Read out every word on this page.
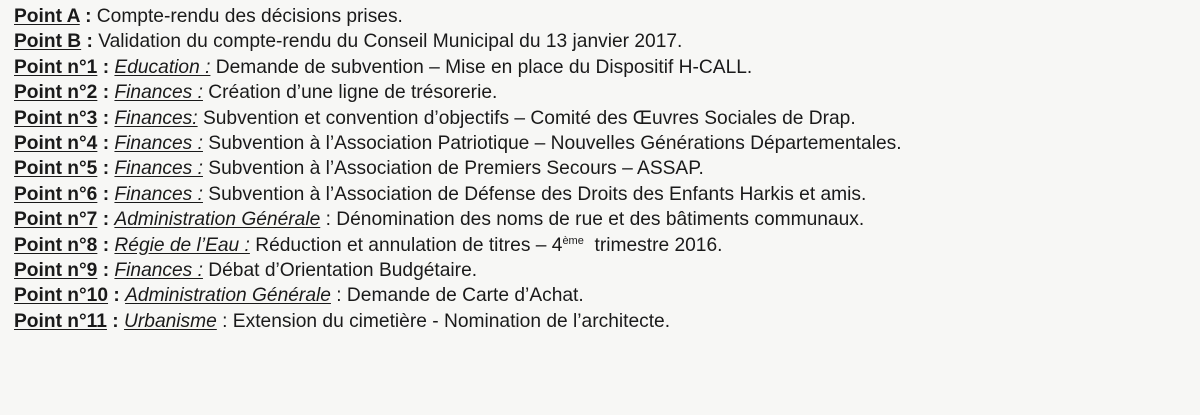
Point A : Compte-rendu des décisions prises.
Point B : Validation du compte-rendu du Conseil Municipal du 13 janvier 2017.
Point n°1 : Education : Demande de subvention – Mise en place du Dispositif H-CALL.
Point n°2 : Finances : Création d’une ligne de trésorerie.
Point n°3 : Finances: Subvention et convention d’objectifs – Comité des Œuvres Sociales de Drap.
Point n°4 : Finances : Subvention à l’Association Patriotique – Nouvelles Générations Départementales.
Point n°5 : Finances : Subvention à l’Association de Premiers Secours – ASSAP.
Point n°6 : Finances : Subvention à l’Association de Défense des Droits des Enfants Harkis et amis.
Point n°7 : Administration Générale : Dénomination des noms de rue et des bâtiments communaux.
Point n°8 : Régie de l’Eau : Réduction et annulation de titres – 4ème  trimestre 2016.
Point n°9 : Finances : Débat d’Orientation Budgétaire.
Point n°10 : Administration Générale : Demande de Carte d’Achat.
Point n°11 : Urbanisme : Extension du cimetière - Nomination de l’architecte.
